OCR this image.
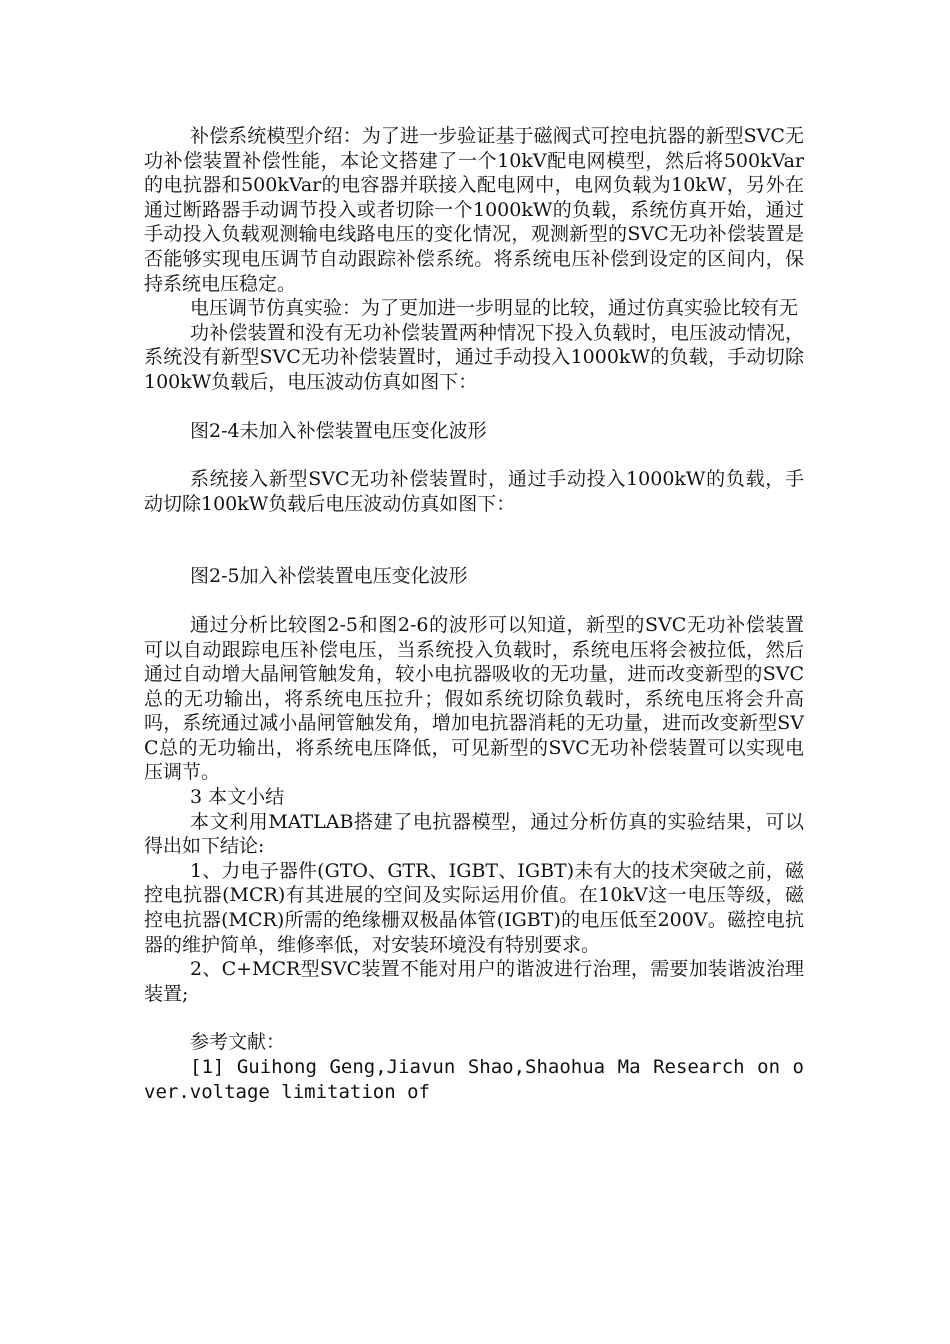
补偿系统模型介绍：为了进一步验证基于磁阀式可控电抗器的新型SVC无功补偿装置补偿性能，本论文搭建了一个10kV配电网模型，然后将500kVar的电抗器和500kVar的电容器并联接入配电网中，电网负载为10kW，另外在通过断路器手动调节投入或者切除一个1000kW的负载，系统仿真开始，通过手动投入负载观测输电线路电压的变化情况，观测新型的SVC无功补偿装置是否能够实现电压调节自动跟踪补偿系统。将系统电压补偿到设定的区间内，保持系统电压稳定。

电压调节仿真实验：为了更加进一步明显的比较，通过仿真实验比较有无

功补偿装置和没有无功补偿装置两种情况下投入负载时，电压波动情况，系统没有新型SVC无功补偿装置时，通过手动投入1000kW的负载，手动切除100kW负载后，电压波动仿真如图下：

图2-4未加入补偿装置电压变化波形

系统接入新型SVC无功补偿装置时，通过手动投入1000kW的负载，手动切除100kW负载后电压波动仿真如图下：

图2-5加入补偿装置电压变化波形

通过分析比较图2-5和图2-6的波形可以知道，新型的SVC无功补偿装置可以自动跟踪电压补偿电压，当系统投入负载时，系统电压将会被拉低，然后通过自动增大晶闸管触发角，较小电抗器吸收的无功量，进而改变新型的SVC总的无功输出，将系统电压拉升；假如系统切除负载时，系统电压将会升高吗，系统通过减小晶闸管触发角，增加电抗器消耗的无功量，进而改变新型SVC总的无功输出，将系统电压降低，可见新型的SVC无功补偿装置可以实现电压调节。

3 本文小结

本文利用MATLAB搭建了电抗器模型，通过分析仿真的实验结果，可以得出如下结论:

1、力电子器件(GTO、GTR、IGBT、IGBT)未有大的技术突破之前，磁控电抗器(MCR)有其进展的空间及实际运用价值。在10kV这一电压等级，磁控电抗器(MCR)所需的绝缘栅双极晶体管(IGBT)的电压低至200V。磁控电抗器的维护简单，维修率低，对安装环境没有特别要求。

2、C+MCR型SVC装置不能对用户的谐波进行治理，需要加装谐波治理装置;

参考文献：

[1] Guihong Geng,Jiavun Shao,Shaohua Ma Research on over.voltage limitation of
